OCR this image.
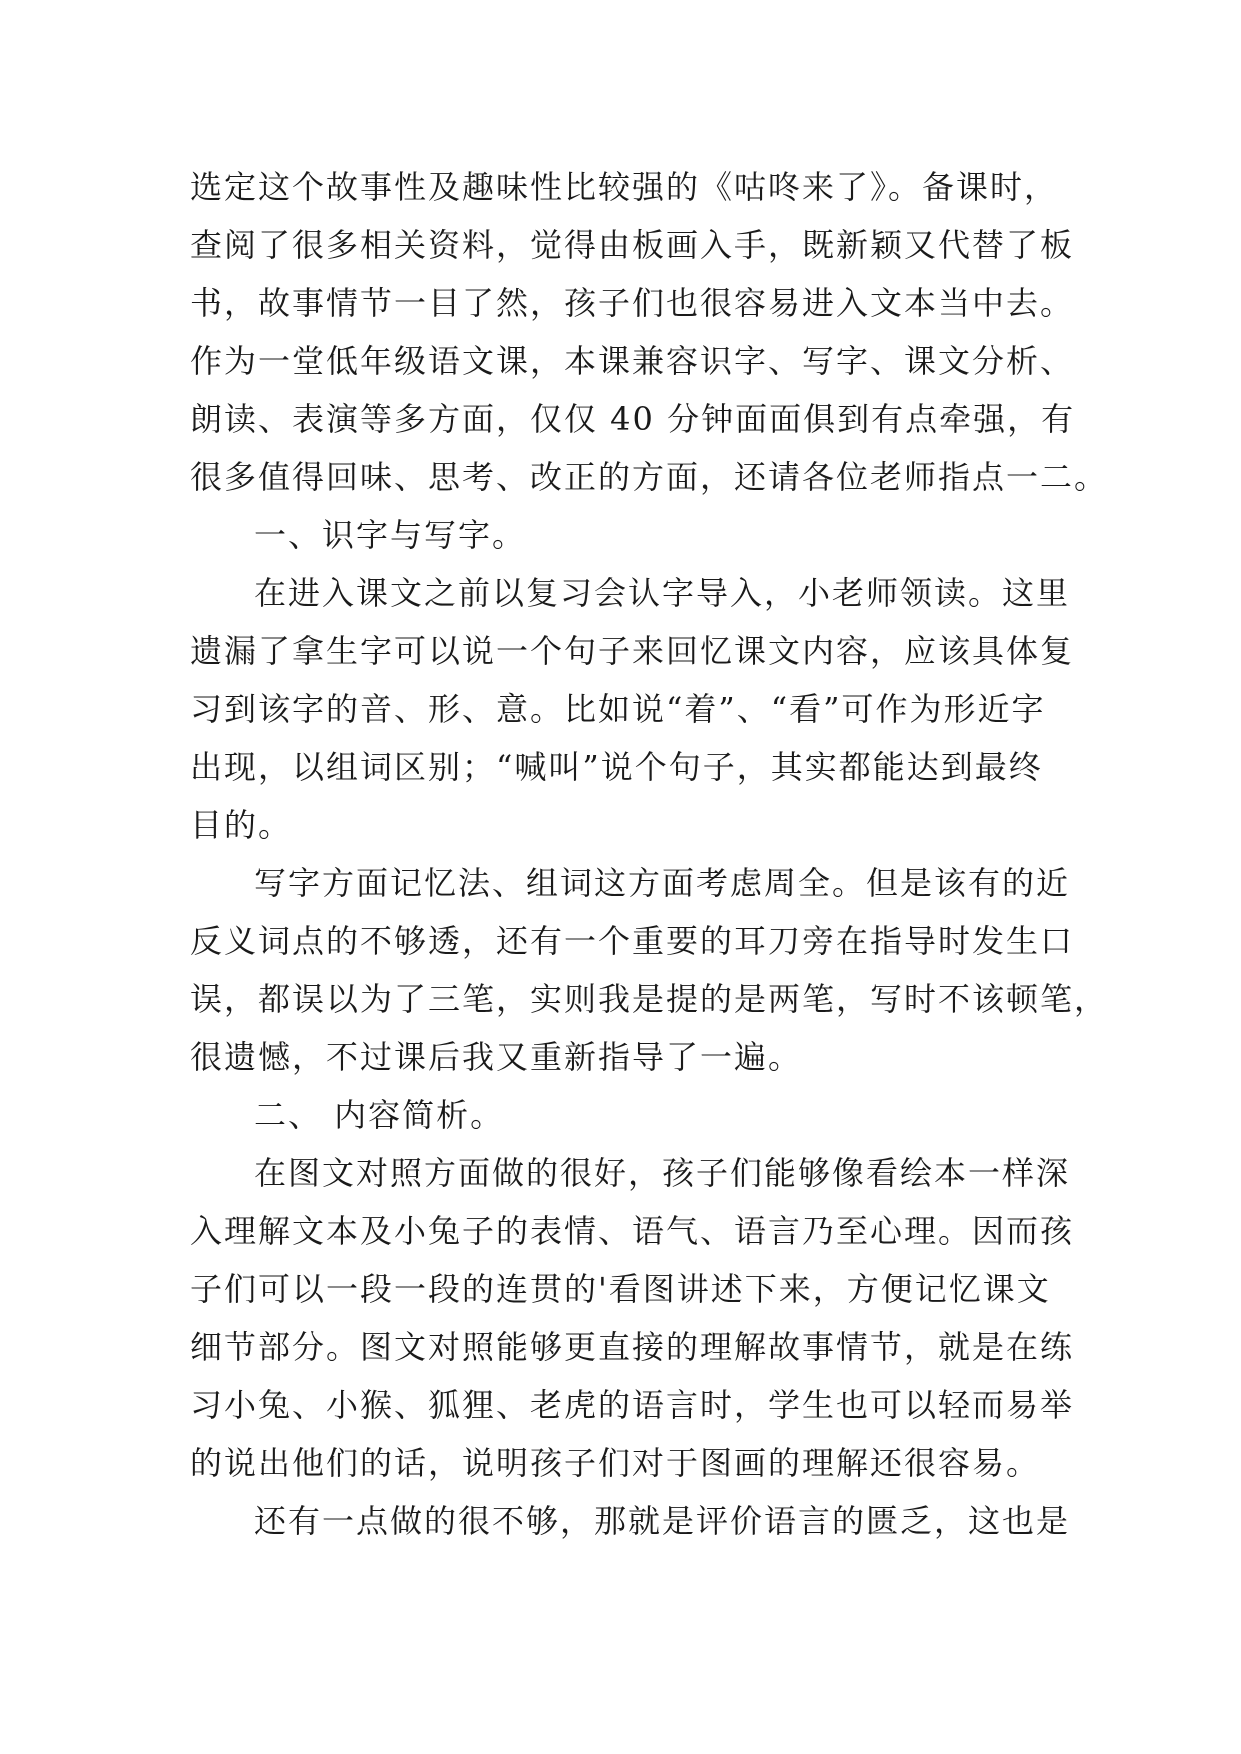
选定这个故事性及趣味性比较强的《咕咚来了》。备课时，
查阅了很多相关资料，觉得由板画入手，既新颖又代替了板
书，故事情节一目了然，孩子们也很容易进入文本当中去。
作为一堂低年级语文课，本课兼容识字、写字、课文分析、
朗读、表演等多方面，仅仅 40 分钟面面俱到有点牵强，有
很多值得回味、思考、改正的方面，还请各位老师指点一二。
一、识字与写字。
在进入课文之前以复习会认字导入，小老师领读。这里
遗漏了拿生字可以说一个句子来回忆课文内容，应该具体复
习到该字的音、形、意。比如说“着”、“看”可作为形近字
出现，以组词区别；“喊叫”说个句子，其实都能达到最终
目的。
写字方面记忆法、组词这方面考虑周全。但是该有的近
反义词点的不够透，还有一个重要的耳刀旁在指导时发生口
误，都误以为了三笔，实则我是提的是两笔，写时不该顿笔，
很遗憾，不过课后我又重新指导了一遍。
二、 内容简析。
在图文对照方面做的很好，孩子们能够像看绘本一样深
入理解文本及小兔子的表情、语气、语言乃至心理。因而孩
子们可以一段一段的连贯的'看图讲述下来，方便记忆课文
细节部分。图文对照能够更直接的理解故事情节，就是在练
习小兔、小猴、狐狸、老虎的语言时，学生也可以轻而易举
的说出他们的话，说明孩子们对于图画的理解还很容易。
还有一点做的很不够，那就是评价语言的匮乏，这也是
